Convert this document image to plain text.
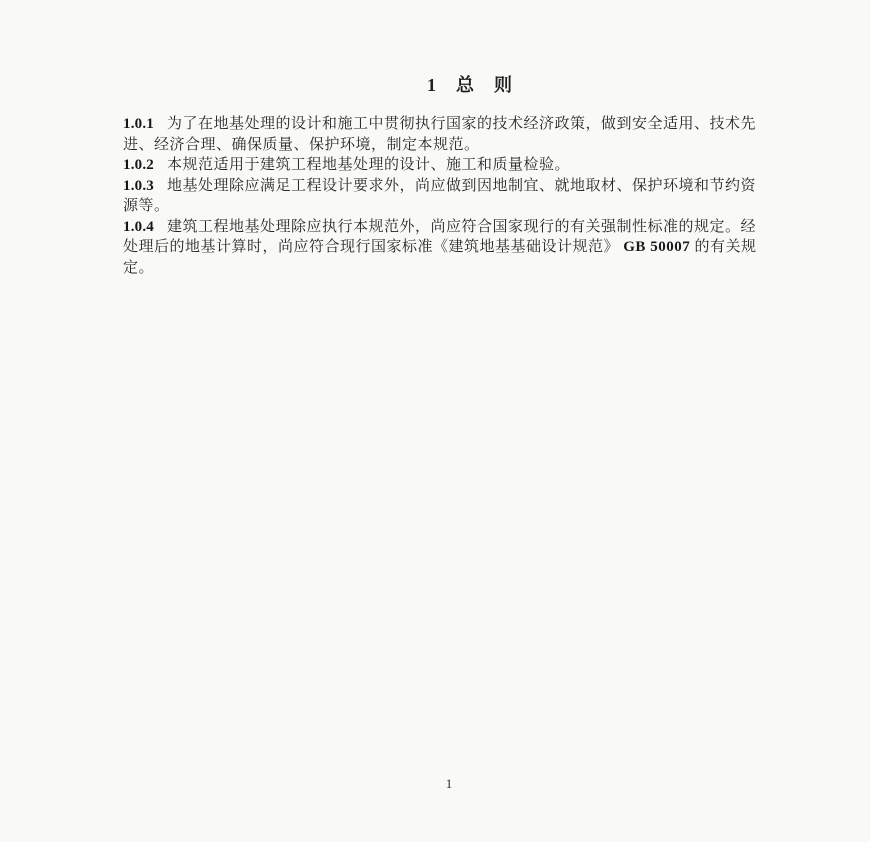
1　总　则
1.0.1 为了在地基处理的设计和施工中贯彻执行国家的技术经济政策，做到安全适用、技术先
进、经济合理、确保质量、保护环境，制定本规范。
1.0.2 本规范适用于建筑工程地基处理的设计、施工和质量检验。
1.0.3 地基处理除应满足工程设计要求外，尚应做到因地制宜、就地取材、保护环境和节约资
源等。
1.0.4 建筑工程地基处理除应执行本规范外，尚应符合国家现行的有关强制性标准的规定。经
处理后的地基计算时，尚应符合现行国家标准《建筑地基基础设计规范》 GB 50007 的有关规
定。
1
